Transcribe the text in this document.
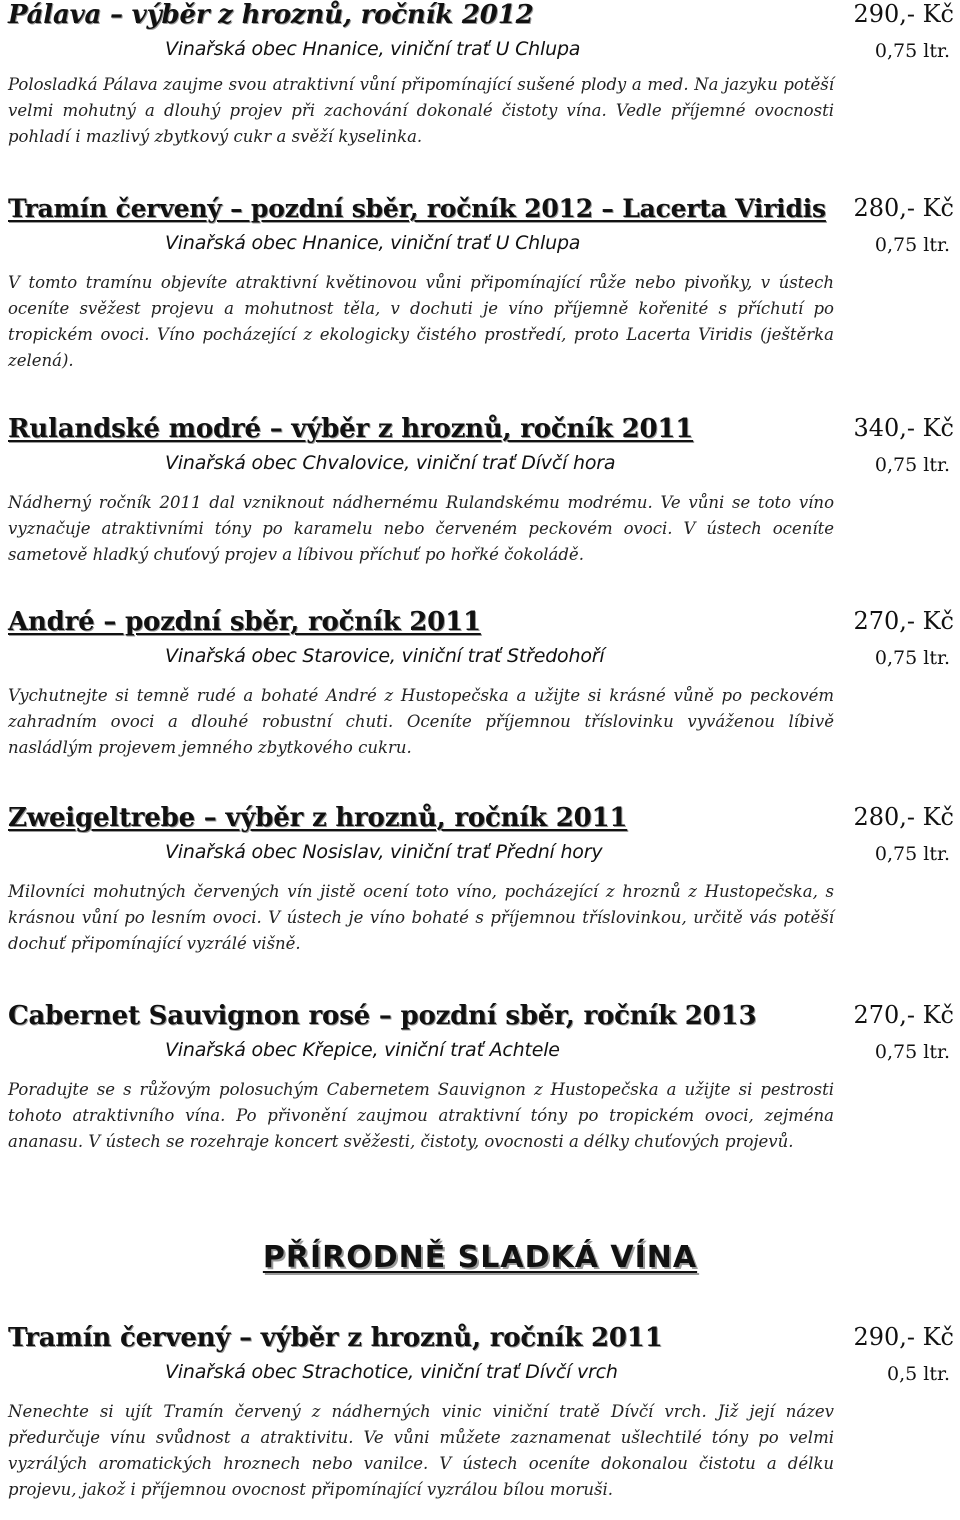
Pálava – výběr z hroznů, ročník 2012	290,- Kč
Vinařská obec Hnanice, viniční trať U Chlupa	0,75 ltr.

Polosladká Pálava zaujme svou atraktivní vůní připomínající sušené plody a med. Na jazyku potěší velmi mohutný a dlouhý projev při zachování dokonalé čistoty vína. Vedle příjemné ovocnosti pohladí i mazlivý zbytkový cukr a svěží kyselinka.

Tramín červený – pozdní sběr, ročník 2012 – Lacerta Viridis 280,- Kč
Vinařská obec Hnanice, viniční trať U Chlupa	0,75 ltr.

V tomto tramínu objevíte atraktivní květinovou vůni připomínající růže nebo pivoňky, v ústech oceníte svěžest projevu a mohutnost těla, v dochuti je víno příjemně kořenité s příchutí po tropickém ovoci. Víno pocházející z ekologicky čistého prostředí, proto Lacerta Viridis (ještěrka zelená).

Rulandské modré – výběr z hroznů, ročník 2011	340,- Kč
Vinařská obec Chvalovice, viniční trať Dívčí hora	0,75 ltr.

Nádherný ročník 2011 dal vzniknout nádhernému Rulandskému modrému. Ve vůni se toto víno vyznačuje atraktivními tóny po karamelu nebo červeném peckovém ovoci. V ústech oceníte sametově hladký chuťový projev a líbivou příchuť po hořké čokoládě.

André – pozdní sběr, ročník 2011	270,- Kč
Vinařská obec Starovice, viniční trať Středohoří	0,75 ltr.

Vychutnejte si temně rudé a bohaté André z Hustopečska a užijte si krásné vůně po peckovém zahradním ovoci a dlouhé robustní chuti. Oceníte příjemnou tříslovinku vyváženou líbivě nasládlým projevem jemného zbytkového cukru.

Zweigeltrebe – výběr z hroznů, ročník 2011	280,- Kč
Vinařská obec Nosislav, viniční trať Přední hory	0,75 ltr.

Milovníci mohutných červených vín jistě ocení toto víno, pocházející z hroznů z Hustopečska, s krásnou vůní po lesním ovoci. V ústech je víno bohaté s příjemnou tříslovinkou, určitě vás potěší dochuť připomínající vyzrálé višně.

Cabernet Sauvignon rosé – pozdní sběr, ročník 2013	270,- Kč
Vinařská obec Křepice, viniční trať Achtele	0,75 ltr.

Poradujte se s růžovým polosuchým Cabernetem Sauvignon z Hustopečska a užijte si pestrosti tohoto atraktivního vína. Po přivonění zaujmou atraktivní tóny po tropickém ovoci, zejména ananasu. V ústech se rozehraje koncert svěžesti, čistoty, ovocnosti a délky chuťových projevů.

PŘÍRODNĚ SLADKÁ VÍNA
Tramín červený – výběr z hroznů, ročník 2011	290,- Kč
Vinařská obec Strachotice, viniční trať Dívčí vrch	0,5 ltr.

Nenechte si ujít Tramín červený z nádherných vinic viniční tratě Dívčí vrch. Již její název předurčuje vínu svůdnost a atraktivitu. Ve vůni můžete zaznamenat ušlechtilé tóny po velmi vyzrálých aromatických hroznech nebo vanilce. V ústech oceníte dokonalou čistotu a délku projevu, jakož i příjemnou ovocnost připomínající vyzrálou bílou moruši.
